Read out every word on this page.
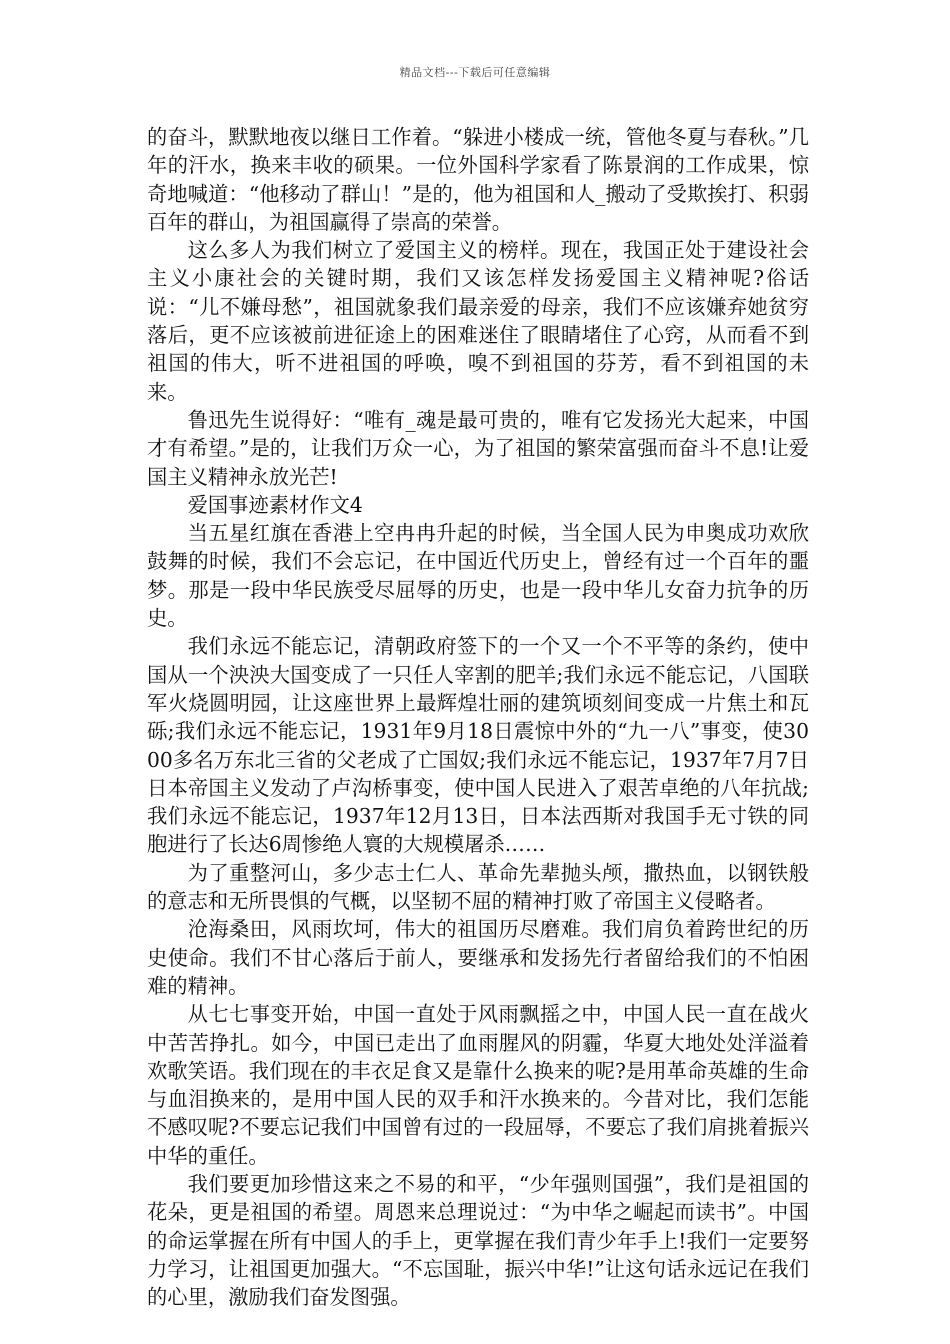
精品文档---下载后可任意编辑

的奋斗，默默地夜以继日工作着。“躲进小楼成一统，管他冬夏与春秋。”几年的汗水，换来丰收的硕果。一位外国科学家看了陈景润的工作成果，惊奇地喊道：“他移动了群山！”是的，他为祖国和人_搬动了受欺挨打、积弱百年的群山，为祖国赢得了崇高的荣誉。

这么多人为我们树立了爱国主义的榜样。现在，我国正处于建设社会主义小康社会的关键时期，我们又该怎样发扬爱国主义精神呢?俗话说：“儿不嫌母愁”，祖国就象我们最亲爱的母亲，我们不应该嫌弃她贫穷落后，更不应该被前进征途上的困难迷住了眼睛堵住了心窍，从而看不到祖国的伟大，听不进祖国的呼唤，嗅不到祖国的芬芳，看不到祖国的未来。

鲁迅先生说得好：“唯有_魂是最可贵的，唯有它发扬光大起来，中国才有希望。”是的，让我们万众一心，为了祖国的繁荣富强而奋斗不息!让爱国主义精神永放光芒!

爱国事迹素材作文4

当五星红旗在香港上空冉冉升起的时候，当全国人民为申奥成功欢欣鼓舞的时候，我们不会忘记，在中国近代历史上，曾经有过一个百年的噩梦。那是一段中华民族受尽屈辱的历史，也是一段中华儿女奋力抗争的历史。

我们永远不能忘记，清朝政府签下的一个又一个不平等的条约，使中国从一个泱泱大国变成了一只任人宰割的肥羊;我们永远不能忘记，八国联军火烧圆明园，让这座世界上最辉煌壮丽的建筑顷刻间变成一片焦土和瓦砾;我们永远不能忘记，1931年9月18日震惊中外的“九一八”事变，使3000多名万东北三省的父老成了亡国奴;我们永远不能忘记，1937年7月7日日本帝国主义发动了卢沟桥事变，使中国人民进入了艰苦卓绝的八年抗战;我们永远不能忘记，1937年12月13日，日本法西斯对我国手无寸铁的同胞进行了长达6周惨绝人寰的大规模屠杀……

为了重整河山，多少志士仁人、革命先辈抛头颅，撒热血，以钢铁般的意志和无所畏惧的气概，以坚韧不屈的精神打败了帝国主义侵略者。

沧海桑田，风雨坎坷，伟大的祖国历尽磨难。我们肩负着跨世纪的历史使命。我们不甘心落后于前人，要继承和发扬先行者留给我们的不怕困难的精神。

从七七事变开始，中国一直处于风雨飘摇之中，中国人民一直在战火中苦苦挣扎。如今，中国已走出了血雨腥风的阴霾，华夏大地处处洋溢着欢歌笑语。我们现在的丰衣足食又是靠什么换来的呢?是用革命英雄的生命与血泪换来的，是用中国人民的双手和汗水换来的。今昔对比，我们怎能不感叹呢?不要忘记我们中国曾有过的一段屈辱，不要忘了我们肩挑着振兴中华的重任。

我们要更加珍惜这来之不易的和平，“少年强则国强”，我们是祖国的花朵，更是祖国的希望。周恩来总理说过：“为中华之崛起而读书”。中国的命运掌握在所有中国人的手上，更掌握在我们青少年手上!我们一定要努力学习，让祖国更加强大。“不忘国耻，振兴中华!”让这句话永远记在我们的心里，激励我们奋发图强。
